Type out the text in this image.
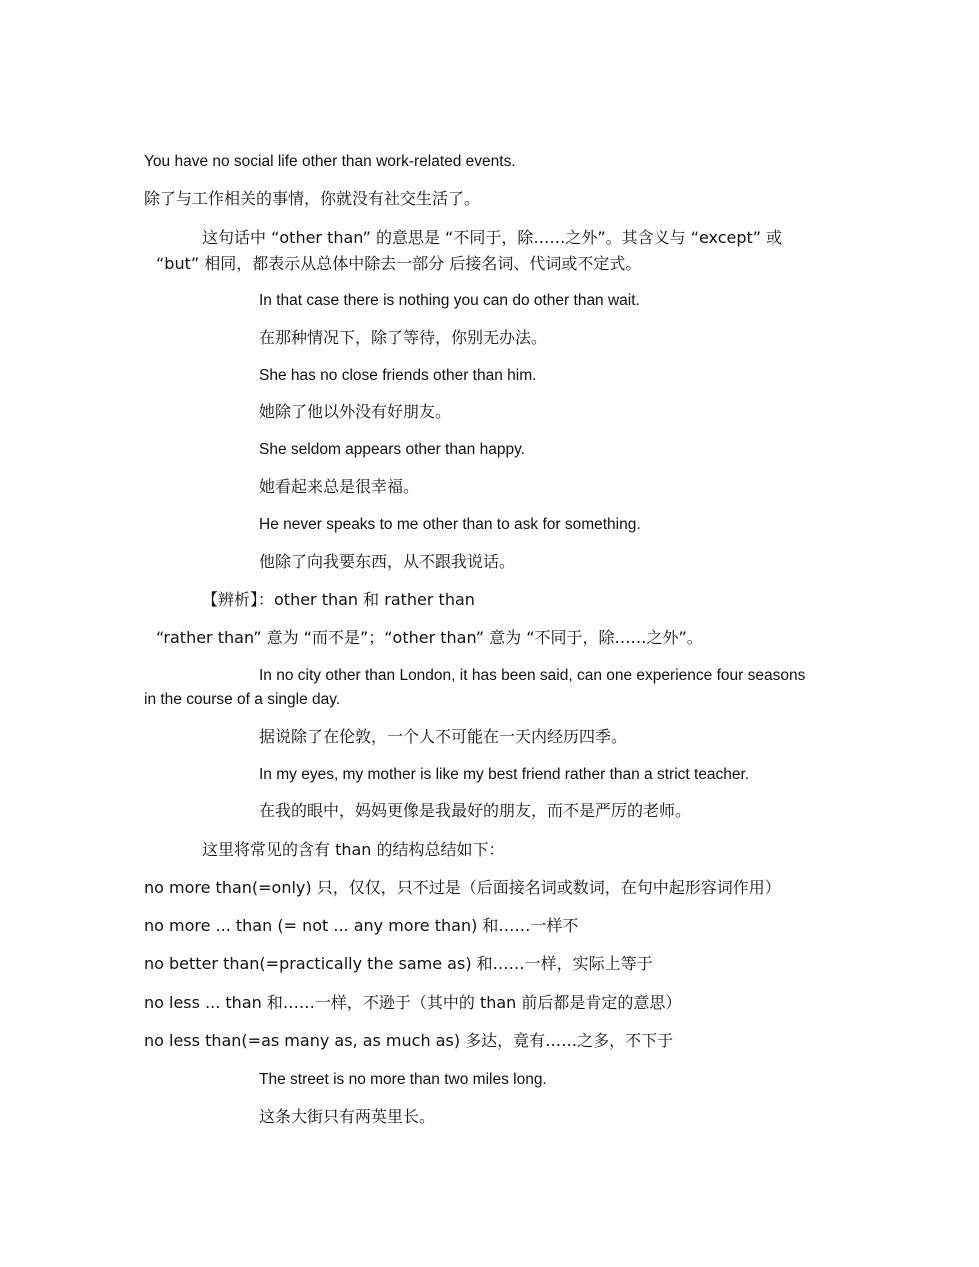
You have no social life other than work-related events.
除了与工作相关的事情，你就没有社交生活了。
这句话中 “other than” 的意思是 “不同于，除……之外”。其含义与 “except” 或
“but” 相同，都表示从总体中除去一部分 后接名词、代词或不定式。
In that case there is nothing you can do other than wait.
在那种情况下，除了等待，你别无办法。
She has no close friends other than him.
她除了他以外没有好朋友。
She seldom appears other than happy.
她看起来总是很幸福。
He never speaks to me other than to ask for something.
他除了向我要东西，从不跟我说话。
【辨析】：other than 和 rather than
“rather than” 意为 “而不是”；“other than” 意为 “不同于，除……之外”。
In no city other than London, it has been said, can one experience four seasons
in the course of a single day.
据说除了在伦敦，一个人不可能在一天内经历四季。
In my eyes, my mother is like my best friend rather than a strict teacher.
在我的眼中，妈妈更像是我最好的朋友，而不是严厉的老师。
这里将常见的含有 than 的结构总结如下：
no more than(=only) 只，仅仅，只不过是（后面接名词或数词，在句中起形容词作用）
no more ... than (= not ... any more than) 和……一样不
no better than(=practically the same as) 和……一样，实际上等于
no less ... than 和……一样，不逊于（其中的 than 前后都是肯定的意思）
no less than(=as many as, as much as) 多达，竟有……之多，不下于
The street is no more than two miles long.
这条大街只有两英里长。
